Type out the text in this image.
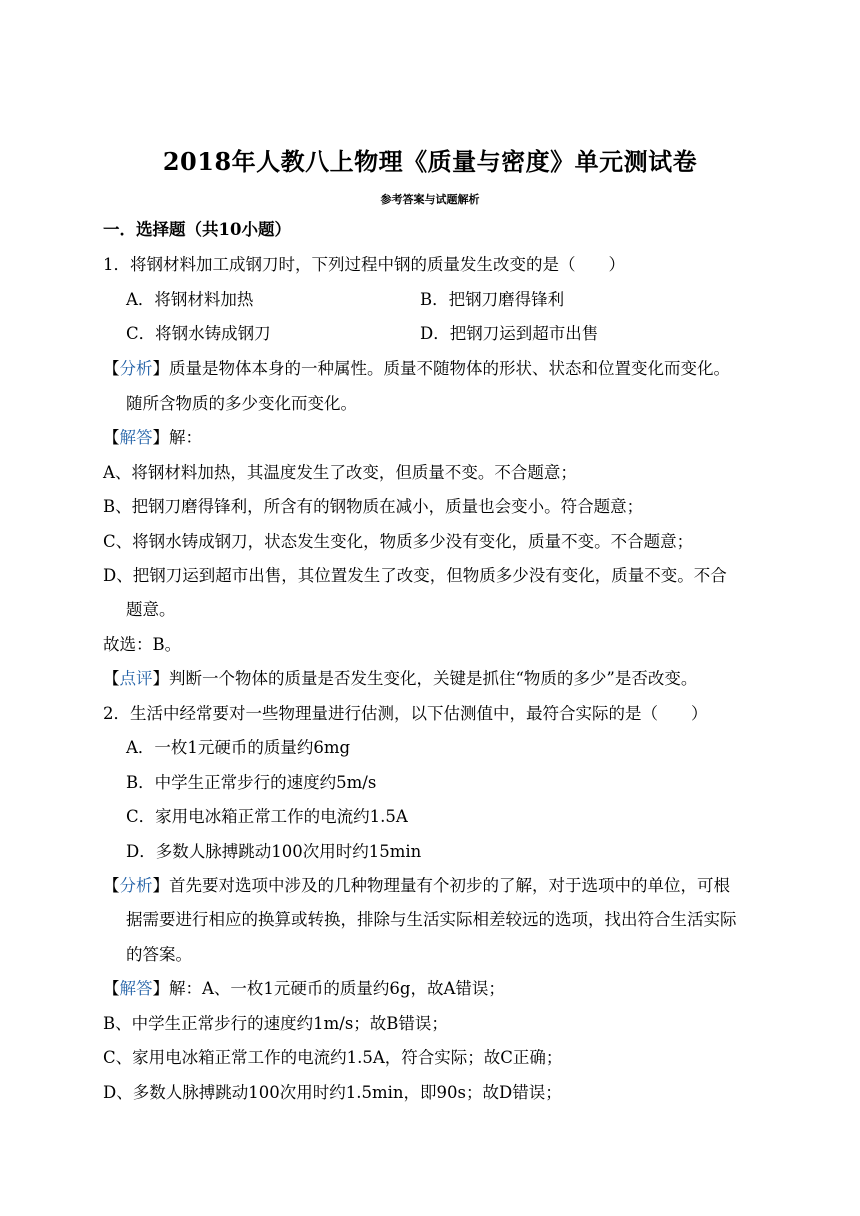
2018年人教八上物理《质量与密度》单元测试卷
参考答案与试题解析
一．选择题（共10小题）
1．将钢材料加工成钢刀时，下列过程中钢的质量发生改变的是（　　）
A．将钢材料加热	B．把钢刀磨得锋利
C．将钢水铸成钢刀	D．把钢刀运到超市出售
【分析】质量是物体本身的一种属性。质量不随物体的形状、状态和位置变化而变化。
随所含物质的多少变化而变化。
【解答】解：
A、将钢材料加热，其温度发生了改变，但质量不变。不合题意；
B、把钢刀磨得锋利，所含有的钢物质在减小，质量也会变小。符合题意；
C、将钢水铸成钢刀，状态发生变化，物质多少没有变化，质量不变。不合题意；
D、把钢刀运到超市出售，其位置发生了改变，但物质多少没有变化，质量不变。不合
题意。
故选：B。
【点评】判断一个物体的质量是否发生变化，关键是抓住“物质的多少”是否改变。
2．生活中经常要对一些物理量进行估测，以下估测值中，最符合实际的是（　　）
A．一枚1元硬币的质量约6mg
B．中学生正常步行的速度约5m/s
C．家用电冰箱正常工作的电流约1.5A
D．多数人脉搏跳动100次用时约15min
【分析】首先要对选项中涉及的几种物理量有个初步的了解，对于选项中的单位，可根
据需要进行相应的换算或转换，排除与生活实际相差较远的选项，找出符合生活实际
的答案。
【解答】解：A、一枚1元硬币的质量约6g，故A错误；
B、中学生正常步行的速度约1m/s；故B错误；
C、家用电冰箱正常工作的电流约1.5A，符合实际；故C正确；
D、多数人脉搏跳动100次用时约1.5min，即90s；故D错误；
